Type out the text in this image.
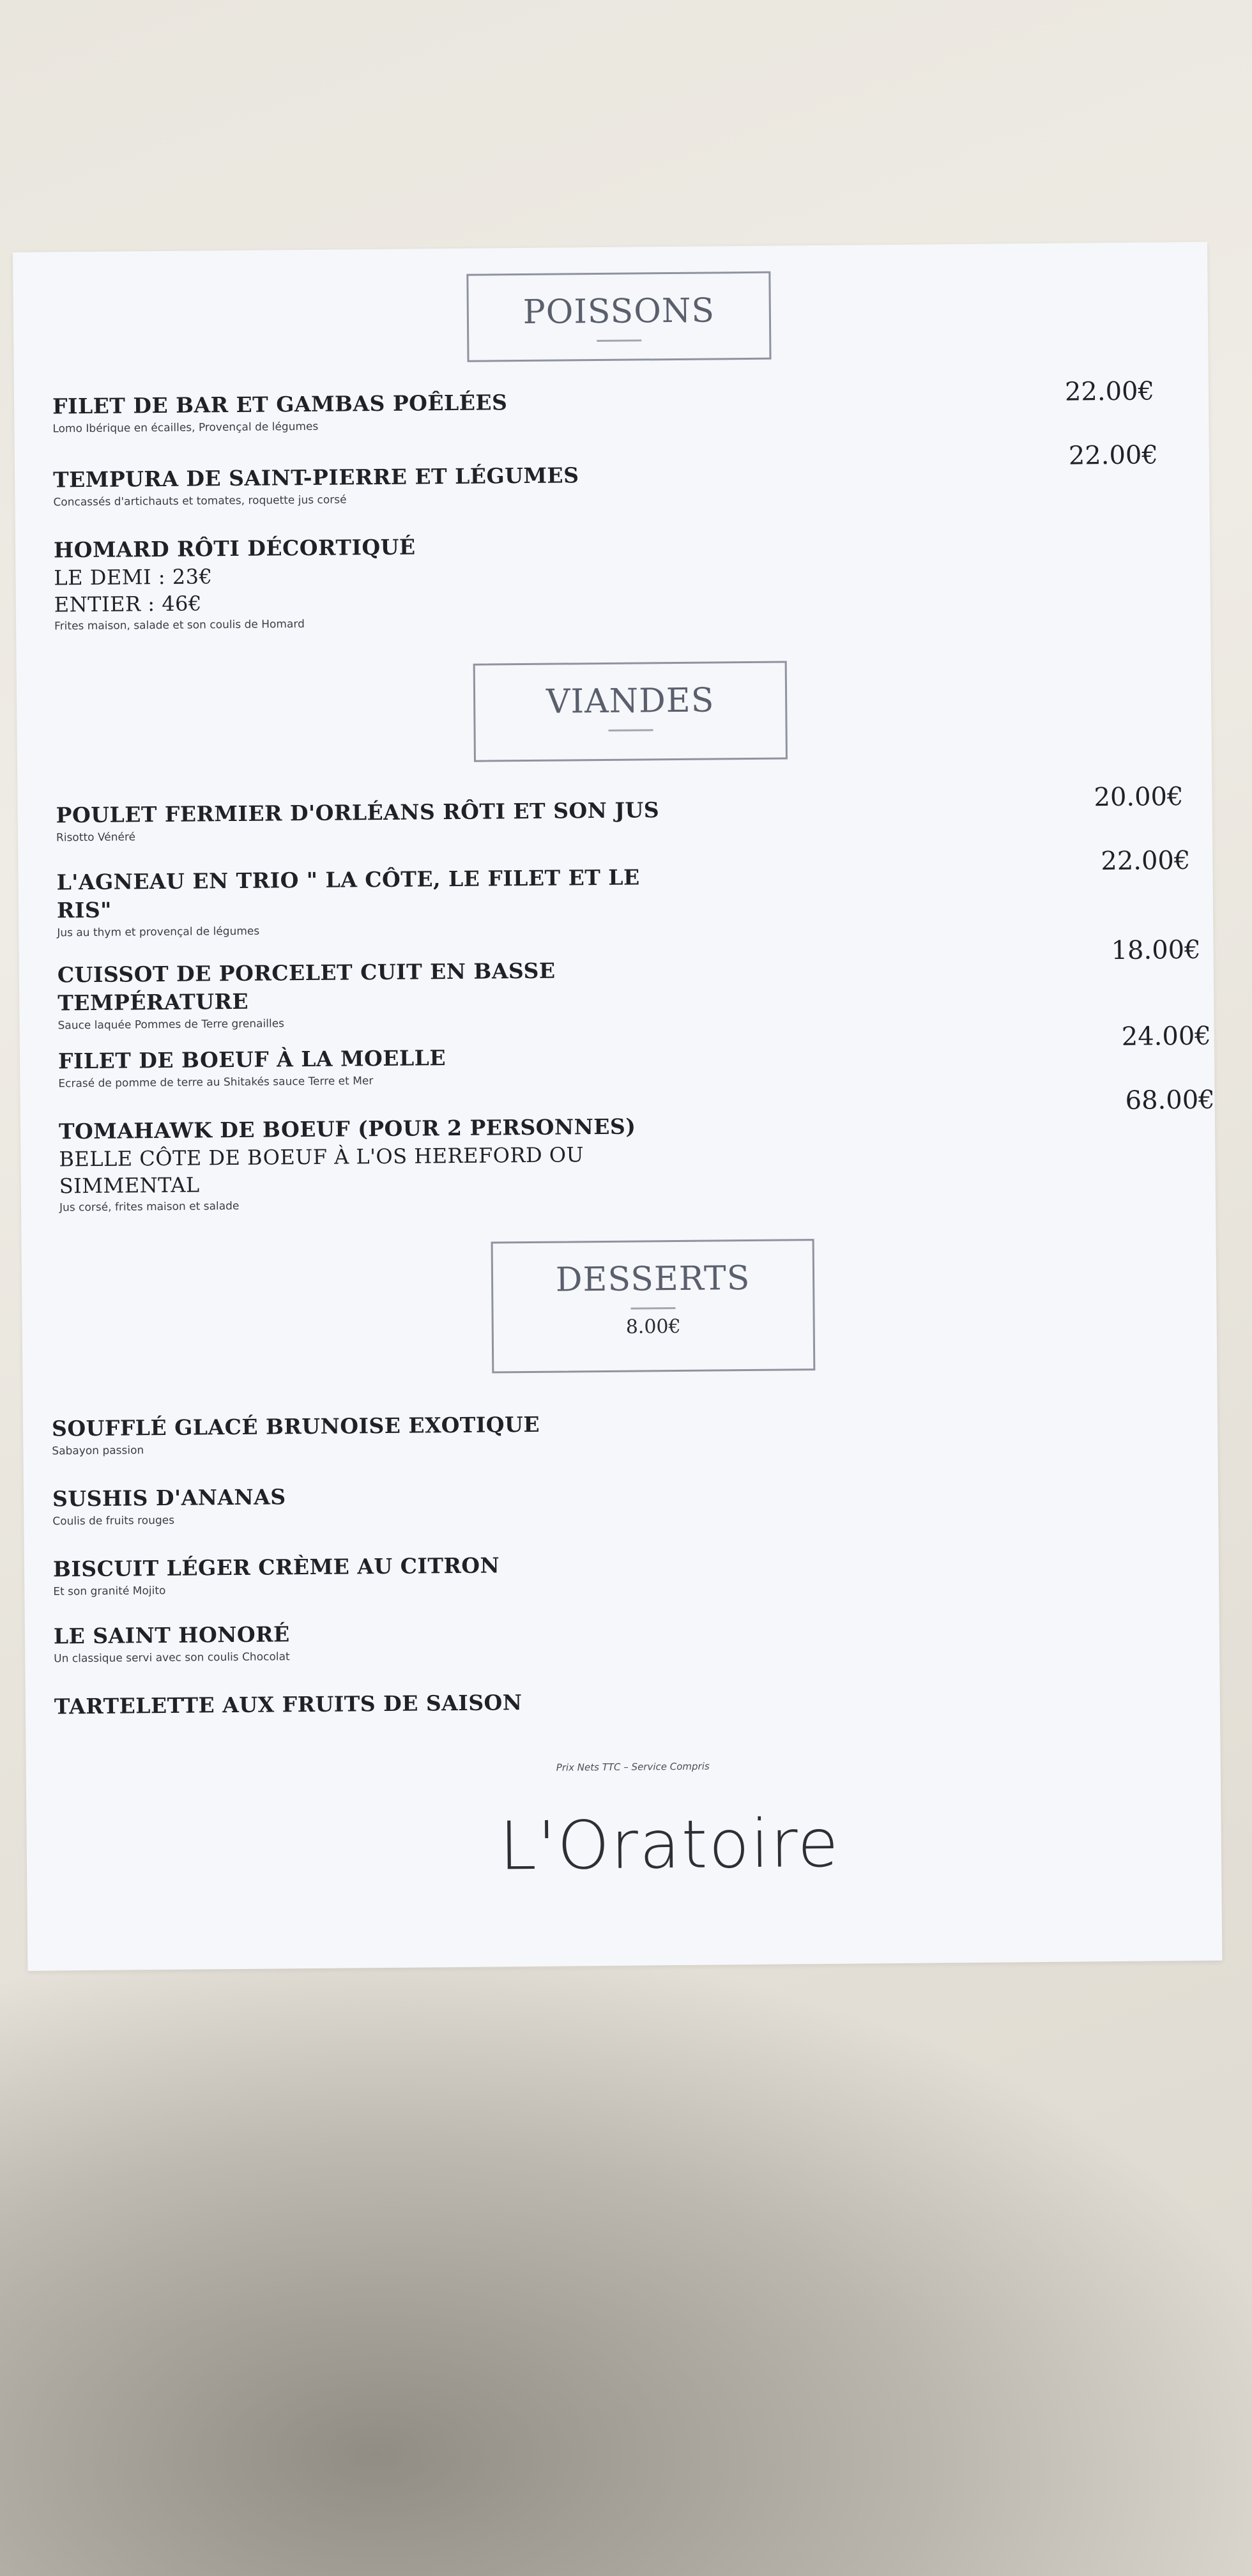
POISSONS
FILET DE BAR ET GAMBAS POÊLÉES
Lomo Ibérique en écailles, Provençal de légumes
22.00€
TEMPURA DE SAINT-PIERRE ET LÉGUMES
Concassés d'artichauts et tomates, roquette jus corsé
22.00€
HOMARD RÔTI DÉCORTIQUÉ
LE DEMI : 23€
ENTIER : 46€
Frites maison, salade et son coulis de Homard
VIANDES
POULET FERMIER D'ORLÉANS RÔTI ET SON JUS
Risotto Vénéré
20.00€
L'AGNEAU EN TRIO " LA CÔTE, LE FILET ET LE
RIS"
Jus au thym et provençal de légumes
22.00€
CUISSOT DE PORCELET CUIT EN BASSE
TEMPÉRATURE
Sauce laquée Pommes de Terre grenailles
18.00€
FILET DE BOEUF À LA MOELLE
Ecrasé de pomme de terre au Shitakés sauce Terre et Mer
24.00€
TOMAHAWK DE BOEUF (POUR 2 PERSONNES)
BELLE CÔTE DE BOEUF À L'OS HEREFORD OU
SIMMENTAL
Jus corsé, frites maison et salade
68.00€
DESSERTS
8.00€
SOUFFLÉ GLACÉ BRUNOISE EXOTIQUE
Sabayon passion
SUSHIS D'ANANAS
Coulis de fruits rouges
BISCUIT LÉGER CRÈME AU CITRON
Et son granité Mojito
LE SAINT HONORÉ
Un classique servi avec son coulis Chocolat
TARTELETTE AUX FRUITS DE SAISON
Prix Nets TTC – Service Compris
L'Oratoire
